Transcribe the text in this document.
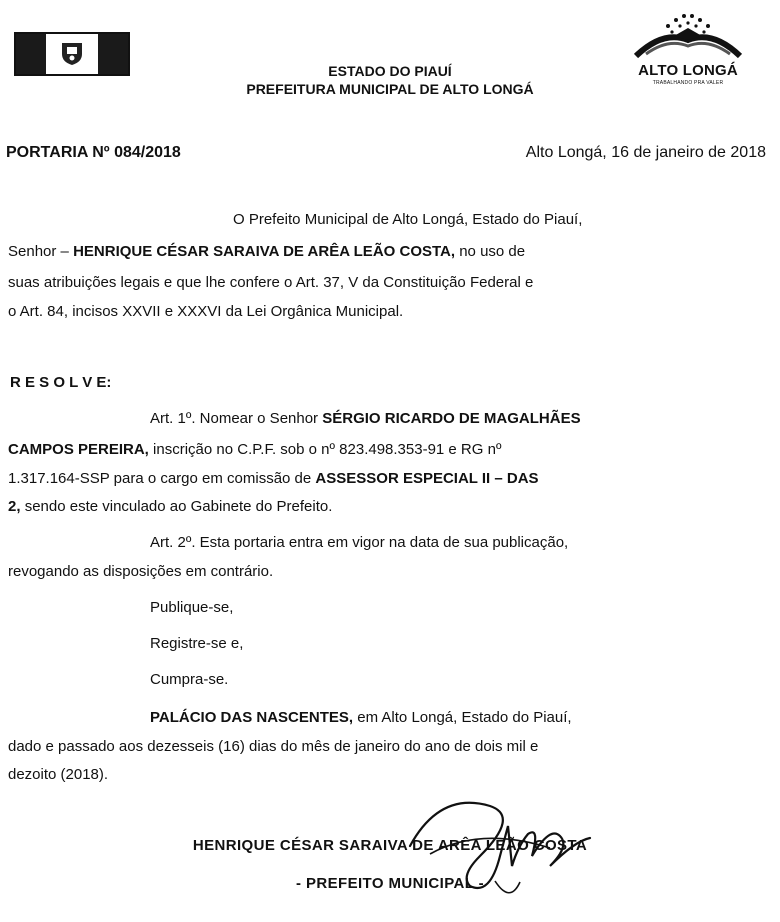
ALTO LONGÁ
TRABALHANDO PRA VALER
ESTADO DO PIAUÍ
PREFEITURA MUNICIPAL DE ALTO LONGÁ
PORTARIA Nº 084/2018	Alto Longá, 16 de janeiro de 2018
O Prefeito Municipal de Alto Longá, Estado do Piauí,
Senhor – HENRIQUE CÉSAR SARAIVA DE ARÊA LEÃO COSTA, no uso de
suas atribuições legais e que lhe confere o Art. 37, V da Constituição Federal e
o Art. 84, incisos XXVII e XXXVI da Lei Orgânica Municipal.
R E S O L V E:
Art. 1º. Nomear o Senhor SÉRGIO RICARDO DE MAGALHÃES
CAMPOS PEREIRA, inscrição no C.P.F. sob o nº 823.498.353-91 e RG nº
1.317.164-SSP para o cargo em comissão de ASSESSOR ESPECIAL II – DAS
2, sendo este vinculado ao Gabinete do Prefeito.
Art. 2º. Esta portaria entra em vigor na data de sua publicação,
revogando as disposições em contrário.
Publique-se,
Registre-se e,
Cumpra-se.
PALÁCIO DAS NASCENTES, em Alto Longá, Estado do Piauí,
dado e passado aos dezesseis (16) dias do mês de janeiro do ano de dois mil e
dezoito (2018).
HENRIQUE CÉSAR SARAIVA DE ARÊA LEÃO COSTA
- PREFEITO MUNICIPAL -
